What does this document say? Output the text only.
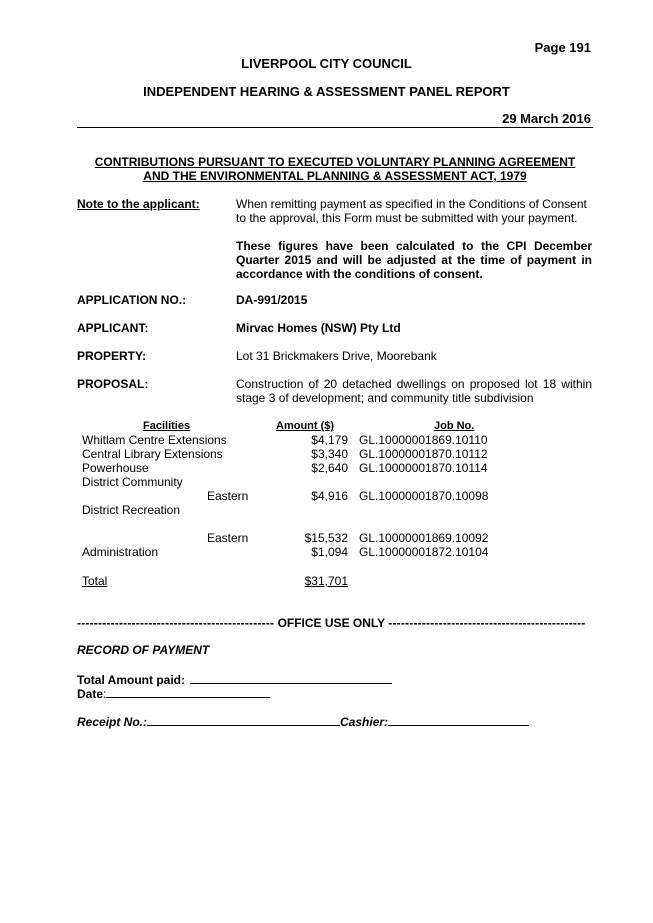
Page 191
LIVERPOOL CITY COUNCIL
INDEPENDENT HEARING & ASSESSMENT PANEL REPORT
29 March 2016
CONTRIBUTIONS PURSUANT TO EXECUTED VOLUNTARY PLANNING AGREEMENT
AND THE ENVIRONMENTAL PLANNING & ASSESSMENT ACT, 1979
Note to the applicant:	When remitting payment as specified in the Conditions of Consent to the approval, this Form must be submitted with your payment.
These figures have been calculated to the CPI December Quarter 2015 and will be adjusted at the time of payment in accordance with the conditions of consent.
APPLICATION NO.:	DA-991/2015
APPLICANT:	Mirvac Homes (NSW) Pty Ltd
PROPERTY:	Lot 31 Brickmakers Drive, Moorebank
PROPOSAL:	Construction of 20 detached dwellings on proposed lot 18 within stage 3 of development; and community title subdivision
Facilities	Amount ($)	Job No.
Whitlam Centre Extensions	$4,179 GL.10000001869.10110
Central Library Extensions	$3,340 GL.10000001870.10112
Powerhouse	$2,640 GL.10000001870.10114
District Community
Eastern	$4,916 GL.10000001870.10098
District Recreation
Eastern	$15,532 GL.10000001869.10092
Administration	$1,094 GL.10000001872.10104
Total	$31,701
----------------------------------------------- OFFICE USE ONLY -----------------------------------------------
RECORD OF PAYMENT
Total Amount paid:
Date:
Receipt No.:	Cashier:
